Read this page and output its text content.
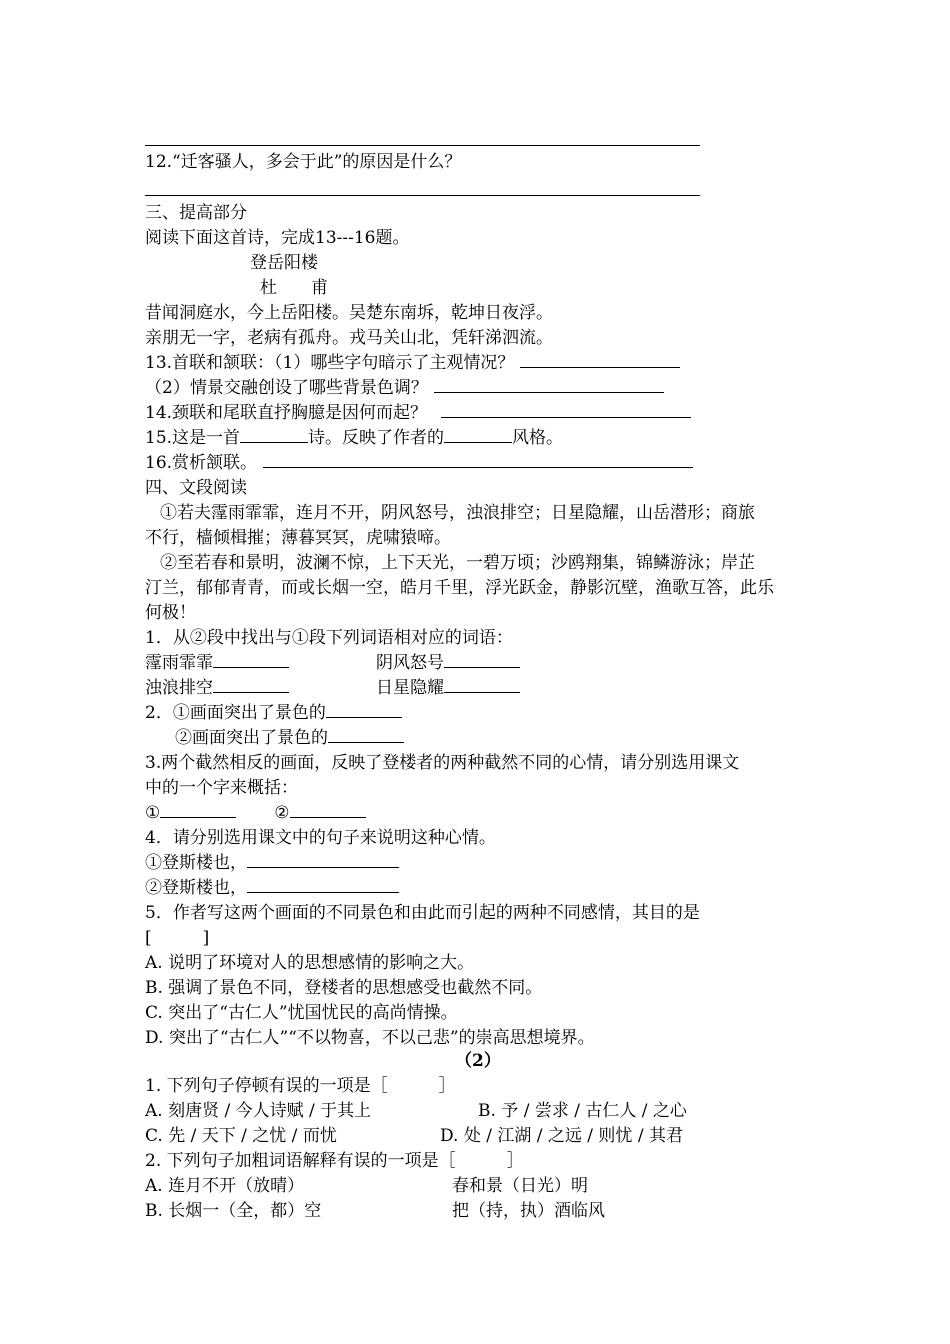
12.“迁客骚人，多会于此”的原因是什么？
三、提高部分
阅读下面这首诗，完成13---16题。
登岳阳楼
杜　　甫
昔闻洞庭水，今上岳阳楼。吴楚东南坼，乾坤日夜浮。
亲朋无一字，老病有孤舟。戎马关山北，凭轩涕泗流。
13.首联和颔联：（1）哪些字句暗示了主观情况？
（2）情景交融创设了哪些背景色调？
14.颈联和尾联直抒胸臆是因何而起？
15.这是一首	诗。反映了作者的	风格。
16.赏析颔联。
四、文段阅读
①若夫霪雨霏霏，连月不开，阴风怒号，浊浪排空；日星隐耀，山岳潜形；商旅
不行，樯倾楫摧；薄暮冥冥，虎啸猿啼。
②至若春和景明，波澜不惊，上下天光，一碧万顷；沙鸥翔集，锦鳞游泳；岸芷
汀兰，郁郁青青，而或长烟一空，皓月千里，浮光跃金，静影沉壁，渔歌互答，此乐
何极！
1．从②段中找出与①段下列词语相对应的词语：
霪雨霏霏	阴风怒号
浊浪排空	日星隐耀
2．①画面突出了景色的
②画面突出了景色的
3.两个截然相反的画面，反映了登楼者的两种截然不同的心情，请分别选用课文
中的一个字来概括：
①	②
4．请分别选用课文中的句子来说明这种心情。
①登斯楼也，
②登斯楼也，
5．作者写这两个画面的不同景色和由此而引起的两种不同感情，其目的是
[　　　]
A. 说明了环境对人的思想感情的影响之大。
B. 强调了景色不同，登楼者的思想感受也截然不同。
C. 突出了“古仁人”忧国忧民的高尚情操。
D. 突出了“古仁人”“不以物喜，不以己悲”的崇高思想境界。
（2）
1. 下列句子停顿有误的一项是［　　　］
A. 刻唐贤 / 今人诗赋 / 于其上	B. 予 / 尝求 / 古仁人 / 之心
C. 先 / 天下 / 之忧 / 而忧	D. 处 / 江湖 / 之远 / 则忧 / 其君
2. 下列句子加粗词语解释有误的一项是［　　　］
A. 连月不开（放晴）	春和景（日光）明
B. 长烟一（全，都）空	把（持，执）酒临风
